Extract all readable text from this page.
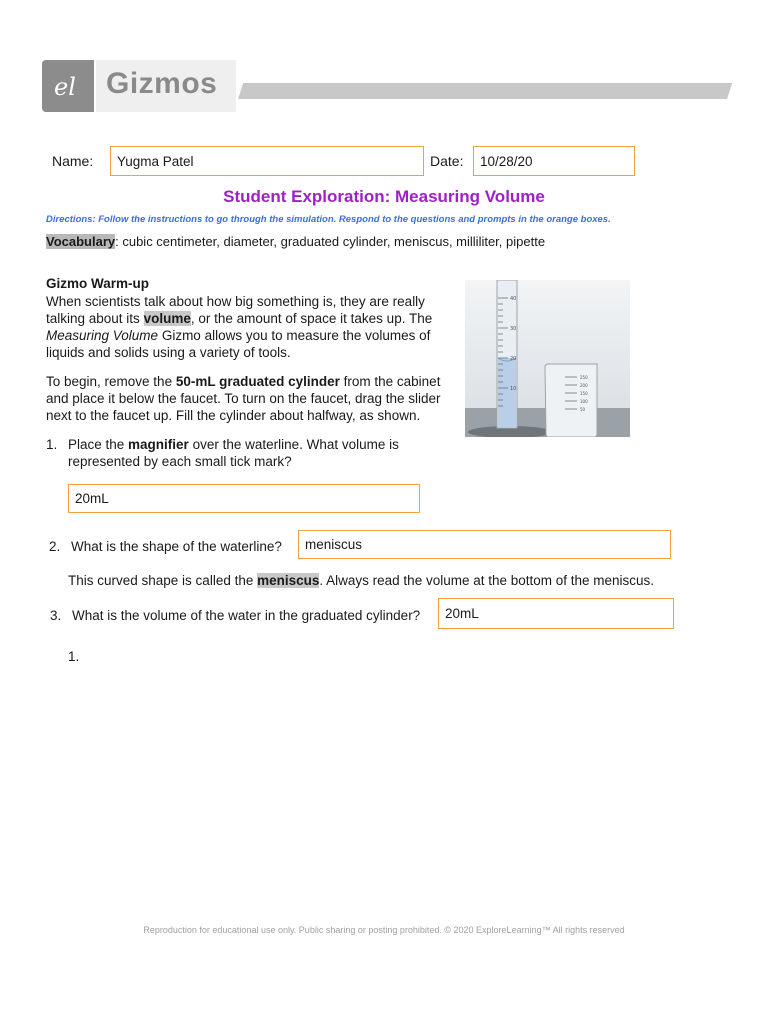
el Gizmos
Name: Yugma Patel	Date: 10/28/20
Student Exploration: Measuring Volume
Directions: Follow the instructions to go through the simulation. Respond to the questions and prompts in the orange boxes.
Vocabulary: cubic centimeter, diameter, graduated cylinder, meniscus, milliliter, pipette
Gizmo Warm-up
When scientists talk about how big something is, they are really talking about its volume, or the amount of space it takes up. The Measuring Volume Gizmo allows you to measure the volumes of liquids and solids using a variety of tools.
To begin, remove the 50-mL graduated cylinder from the cabinet and place it below the faucet. To turn on the faucet, drag the slider next to the faucet up. Fill the cylinder about halfway, as shown.
40
30
20
10
250
200
150
100
50
1. Place the magnifier over the waterline. What volume is represented by each small tick mark?
20mL
2. What is the shape of the waterline? meniscus
This curved shape is called the meniscus. Always read the volume at the bottom of the meniscus.
3. What is the volume of the water in the graduated cylinder? 20mL
1.
Reproduction for educational use only. Public sharing or posting prohibited. © 2020 ExploreLearning™ All rights reserved
